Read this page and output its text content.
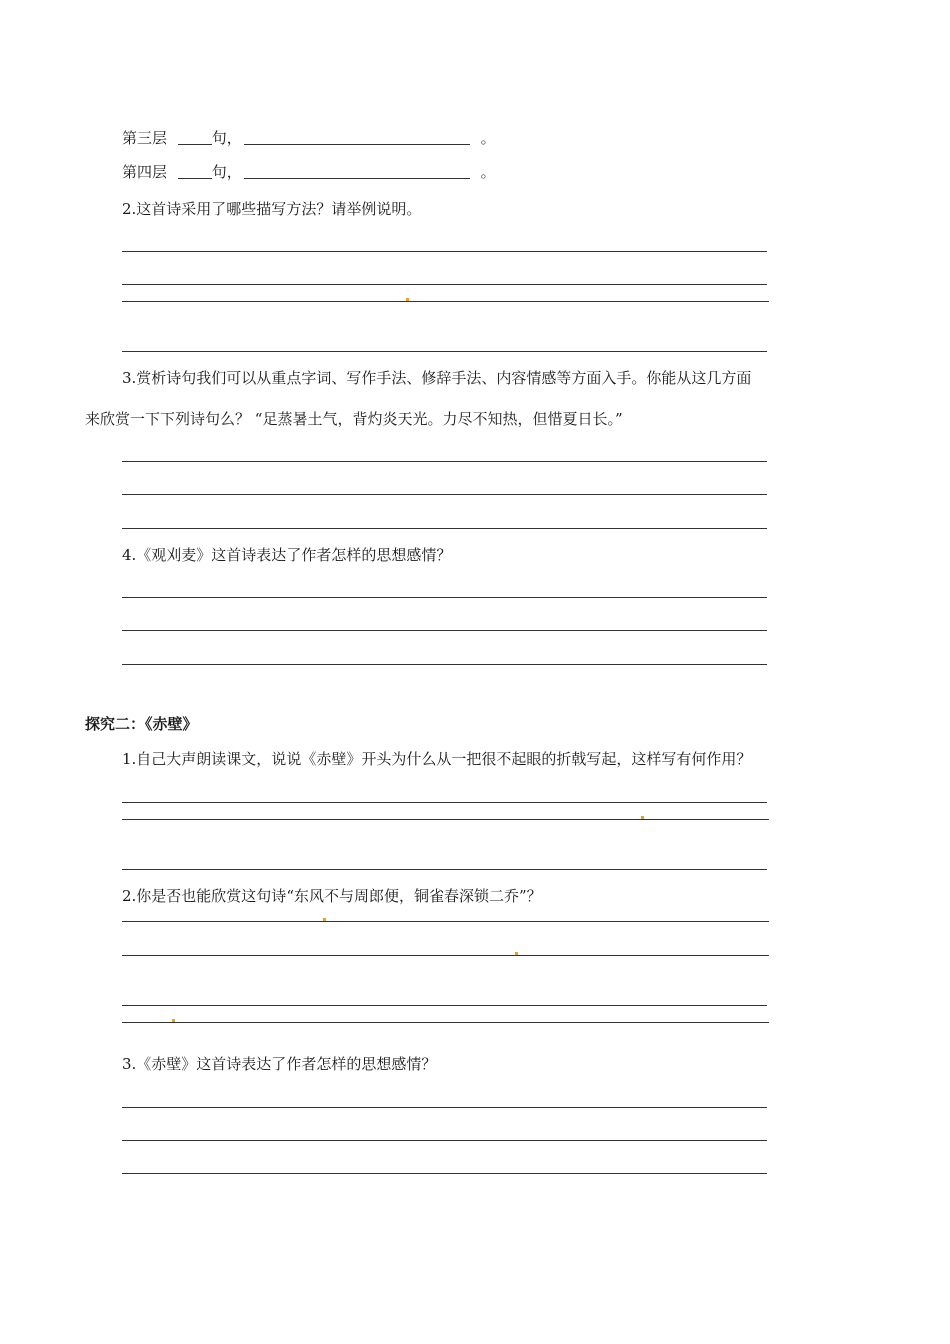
第三层	句，	。
第四层	句，	。
2.这首诗采用了哪些描写方法？请举例说明。
3.赏析诗句我们可以从重点字词、写作手法、修辞手法、内容情感等方面入手。你能从这几方面
来欣赏一下下列诗句么？ “足蒸暑土气，背灼炎天光。力尽不知热，但惜夏日长。”
4.《观刈麦》这首诗表达了作者怎样的思想感情？
探究二：《赤壁》
1.自己大声朗读课文，说说《赤壁》开头为什么从一把很不起眼的折戟写起，这样写有何作用？
2.你是否也能欣赏这句诗“东风不与周郎便，铜雀春深锁二乔”？
3.《赤壁》这首诗表达了作者怎样的思想感情？
